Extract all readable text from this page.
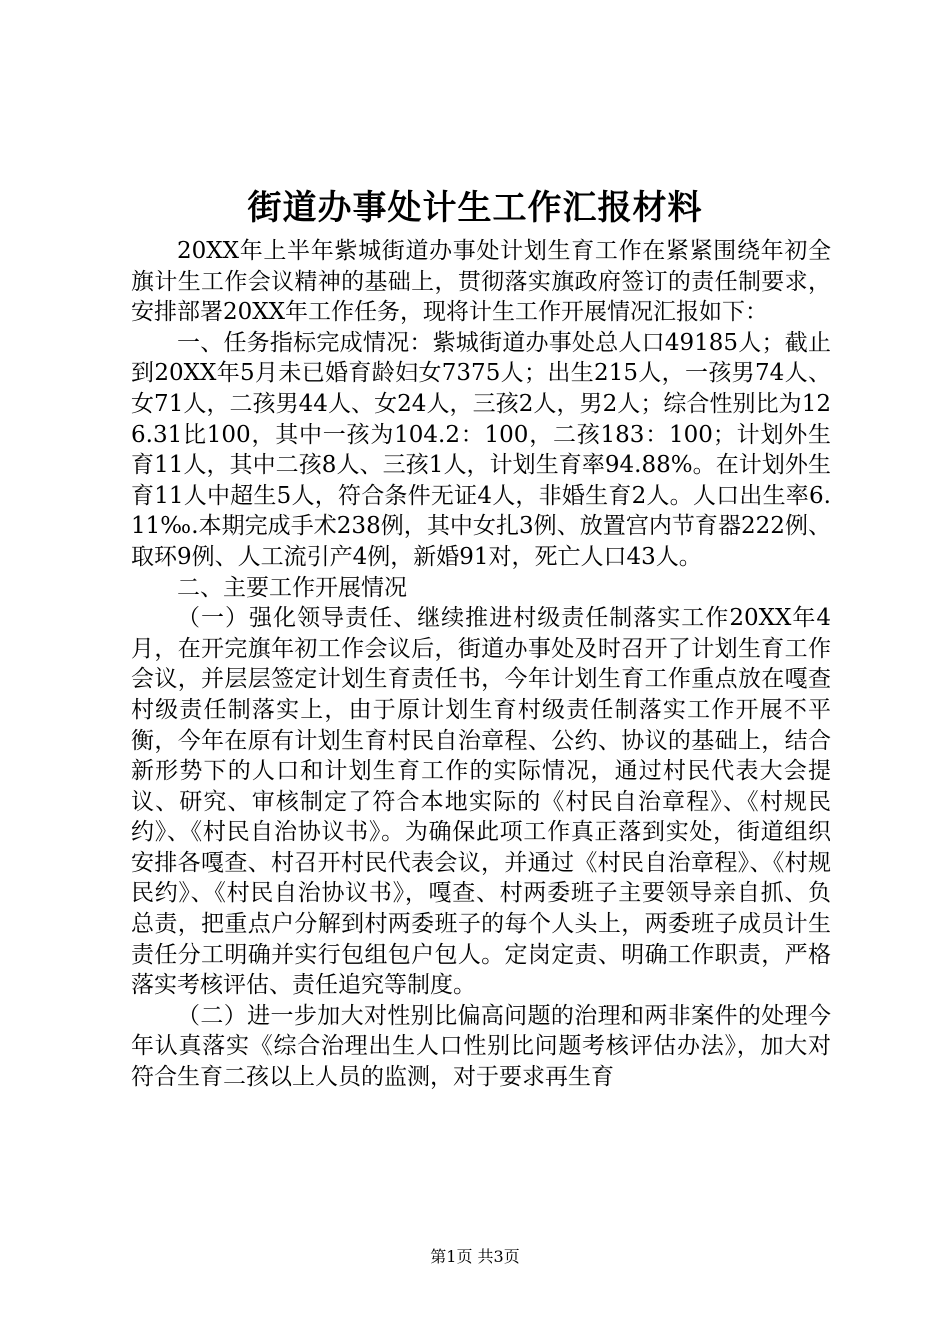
街道办事处计生工作汇报材料

20XX年上半年紫城街道办事处计划生育工作在紧紧围绕年初全旗计生工作会议精神的基础上，贯彻落实旗政府签订的责任制要求，安排部署20XX年工作任务，现将计生工作开展情况汇报如下：

一、任务指标完成情况：紫城街道办事处总人口49185人；截止到20XX年5月未已婚育龄妇女7375人；出生215人，一孩男74人、女71人，二孩男44人、女24人，三孩2人，男2人；综合性别比为126.31比100，其中一孩为104.2：100，二孩183：100；计划外生育11人，其中二孩8人、三孩1人，计划生育率94.88%。在计划外生育11人中超生5人，符合条件无证4人，非婚生育2人。人口出生率6.11‰.本期完成手术238例，其中女扎3例、放置宫内节育器222例、取环9例、人工流引产4例，新婚91对，死亡人口43人。

二、主要工作开展情况

（一）强化领导责任、继续推进村级责任制落实工作20XX年4月，在开完旗年初工作会议后，街道办事处及时召开了计划生育工作会议，并层层签定计划生育责任书，今年计划生育工作重点放在嘎查村级责任制落实上，由于原计划生育村级责任制落实工作开展不平衡，今年在原有计划生育村民自治章程、公约、协议的基础上，结合新形势下的人口和计划生育工作的实际情况，通过村民代表大会提议、研究、审核制定了符合本地实际的《村民自治章程》、《村规民约》、《村民自治协议书》。为确保此项工作真正落到实处，街道组织安排各嘎查、村召开村民代表会议，并通过《村民自治章程》、《村规民约》、《村民自治协议书》，嘎查、村两委班子主要领导亲自抓、负总责，把重点户分解到村两委班子的每个人头上，两委班子成员计生责任分工明确并实行包组包户包人。定岗定责、明确工作职责，严格落实考核评估、责任追究等制度。

（二）进一步加大对性别比偏高问题的治理和两非案件的处理今年认真落实《综合治理出生人口性别比问题考核评估办法》，加大对符合生育二孩以上人员的监测，对于要求再生育

第1页 共3页
